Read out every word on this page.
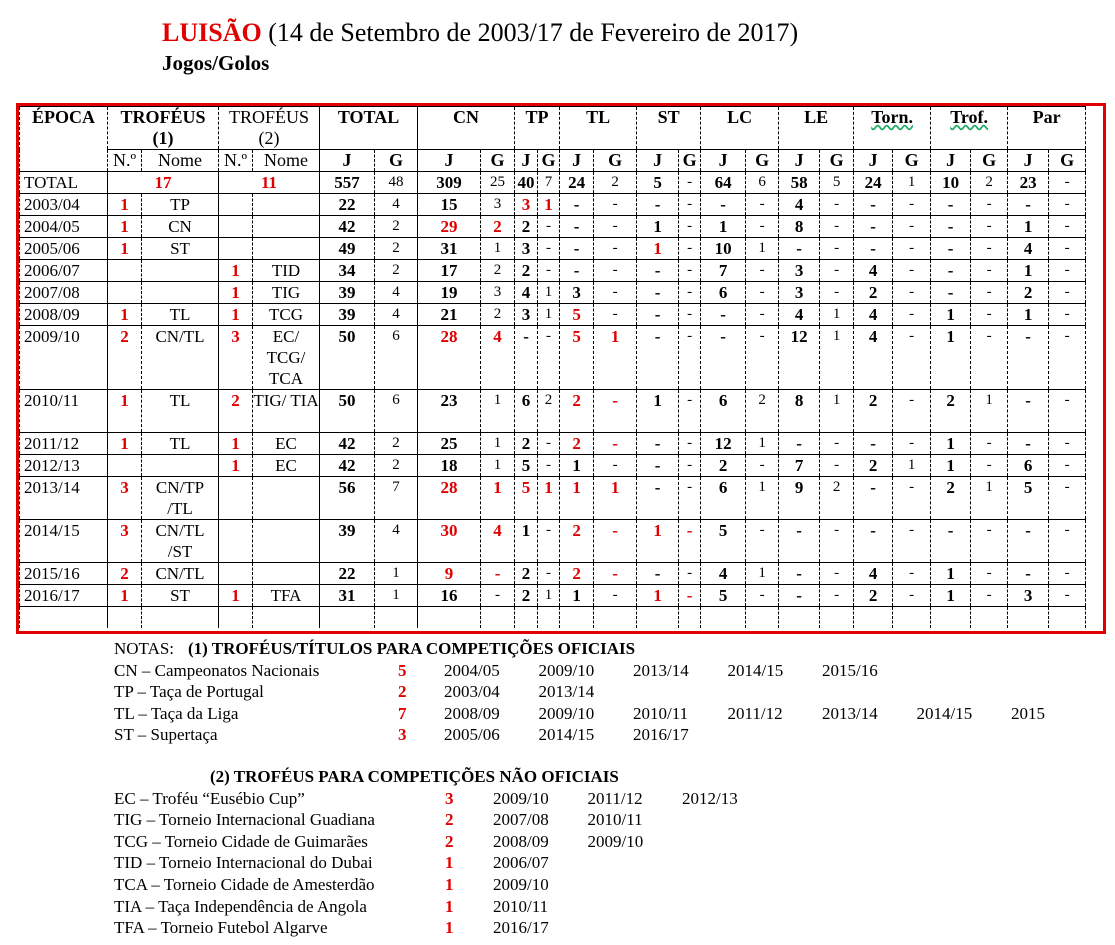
LUISÃO (14 de Setembro de 2003/17 de Fevereiro de 2017)
Jogos/Golos
ÉPOCA	TROFÉUS (1)		TROFÉUS (2)		TOTAL		CN		TP		TL		ST		LC		LE		Torn.		Trof.		Par	
	N.º	Nome	N.º	Nome	J	G	J	G	J	G	J	G	J	G	J	G	J	G	J	G	J	G	J	G
TOTAL	17		11		557	48	309	25	40	7	24	2	5	-	64	6	58	5	24	1	10	2	23	-
2003/04	1	TP			22	4	15	3	3	1	-	-	-	-	-	-	4	-	-	-	-	-	-	-
2004/05	1	CN			42	2	29	2	2	-	-	-	1	-	1	-	8	-	-	-	-	-	1	-
2005/06	1	ST			49	2	31	1	3	-	-	-	1	-	10	1	-	-	-	-	-	-	4	-
2006/07			1	TID	34	2	17	2	2	-	-	-	-	-	7	-	3	-	4	-	-	-	1	-
2007/08			1	TIG	39	4	19	3	4	1	3	-	-	-	6	-	3	-	2	-	-	-	2	-
2008/09	1	TL	1	TCG	39	4	21	2	3	1	5	-	-	-	-	-	4	1	4	-	1	-	1	-
2009/10	2	CN/TL	3	EC/ TCG/ TCA	50	6	28	4	-	-	5	1	-	-	-	-	12	1	4	-	1	-	-	-
2010/11	1	TL	2	TIG/ TIA	50	6	23	1	6	2	2	-	1	-	6	2	8	1	2	-	2	1	-	-
2011/12	1	TL	1	EC	42	2	25	1	2	-	2	-	-	-	12	1	-	-	-	-	1	-	-	-
2012/13			1	EC	42	2	18	1	5	-	1	-	-	-	2	-	7	-	2	1	1	-	6	-
2013/14	3	CN/TP /TL			56	7	28	1	5	1	1	1	-	-	6	1	9	2	-	-	2	1	5	-
2014/15	3	CN/TL /ST			39	4	30	4	1	-	2	-	1	-	5	-	-	-	-	-	-	-	-	-
2015/16	2	CN/TL			22	1	9	-	2	-	2	-	-	-	4	1	-	-	4	-	1	-	-	-
2016/17	1	ST	1	TFA	31	1	16	-	2	1	1	-	1	-	5	-	-	-	2	-	1	-	3	-

NOTAS: (1) TROFÉUS/TÍTULOS PARA COMPETIÇÕES OFICIAIS
CN – Campeonatos Nacionais	5 2004/05 2009/10 2013/14 2014/15 2015/16
TP – Taça de Portugal	2 2003/04 2013/14
TL – Taça da Liga	7 2008/09 2009/10 2010/11 2011/12 2013/14 2014/15 2015
ST – Supertaça	3 2005/06 2014/15 2016/17
(2) TROFÉUS PARA COMPETIÇÕES NÃO OFICIAIS
EC – Troféu “Eusébio Cup”	3 2009/10 2011/12 2012/13
TIG – Torneio Internacional Guadiana	2 2007/08 2010/11
TCG – Torneio Cidade de Guimarães	2 2008/09 2009/10
TID – Torneio Internacional do Dubai	1 2006/07
TCA – Torneio Cidade de Amesterdão	1 2009/10
TIA – Taça Independência de Angola	1 2010/11
TFA – Torneio Futebol Algarve	1 2016/17
